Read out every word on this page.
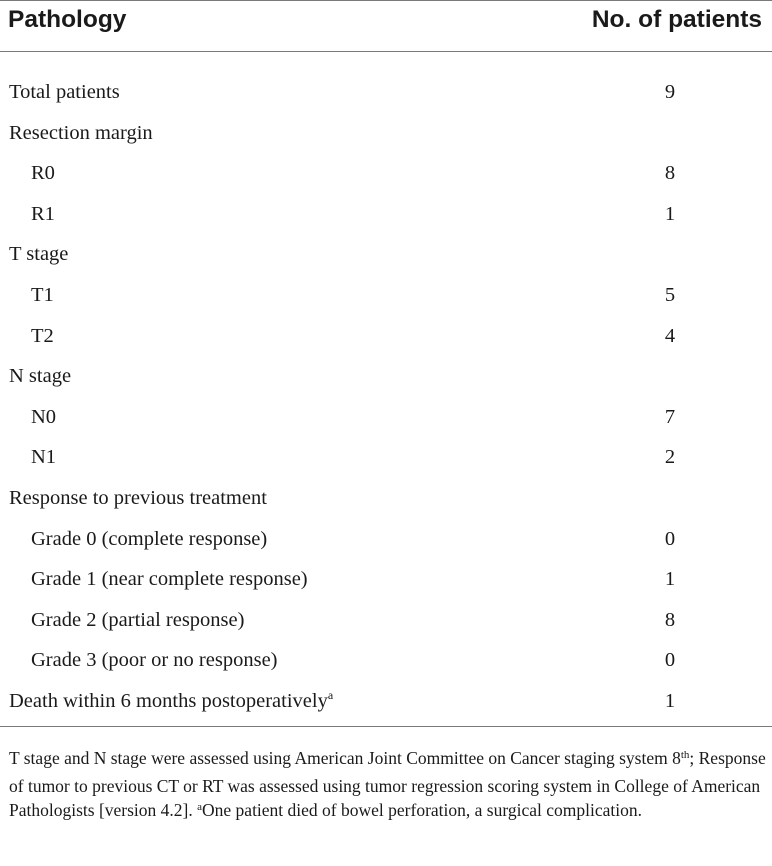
Pathology	No. of patients
Total patients	9
Resection margin
R0	8
R1	1
T stage
T1	5
T2	4
N stage
N0	7
N1	2
Response to previous treatment
Grade 0 (complete response)	0
Grade 1 (near complete response)	1
Grade 2 (partial response)	8
Grade 3 (poor or no response)	0
Death within 6 months postoperatively$^a$	1
T stage and N stage were assessed using American Joint Committee on Cancer staging system 8th; Response of tumor to previous CT or RT was assessed using tumor regression scoring system in College of American Pathologists [version 4.2]. $^a$One patient died of bowel perforation, a surgical complication.
